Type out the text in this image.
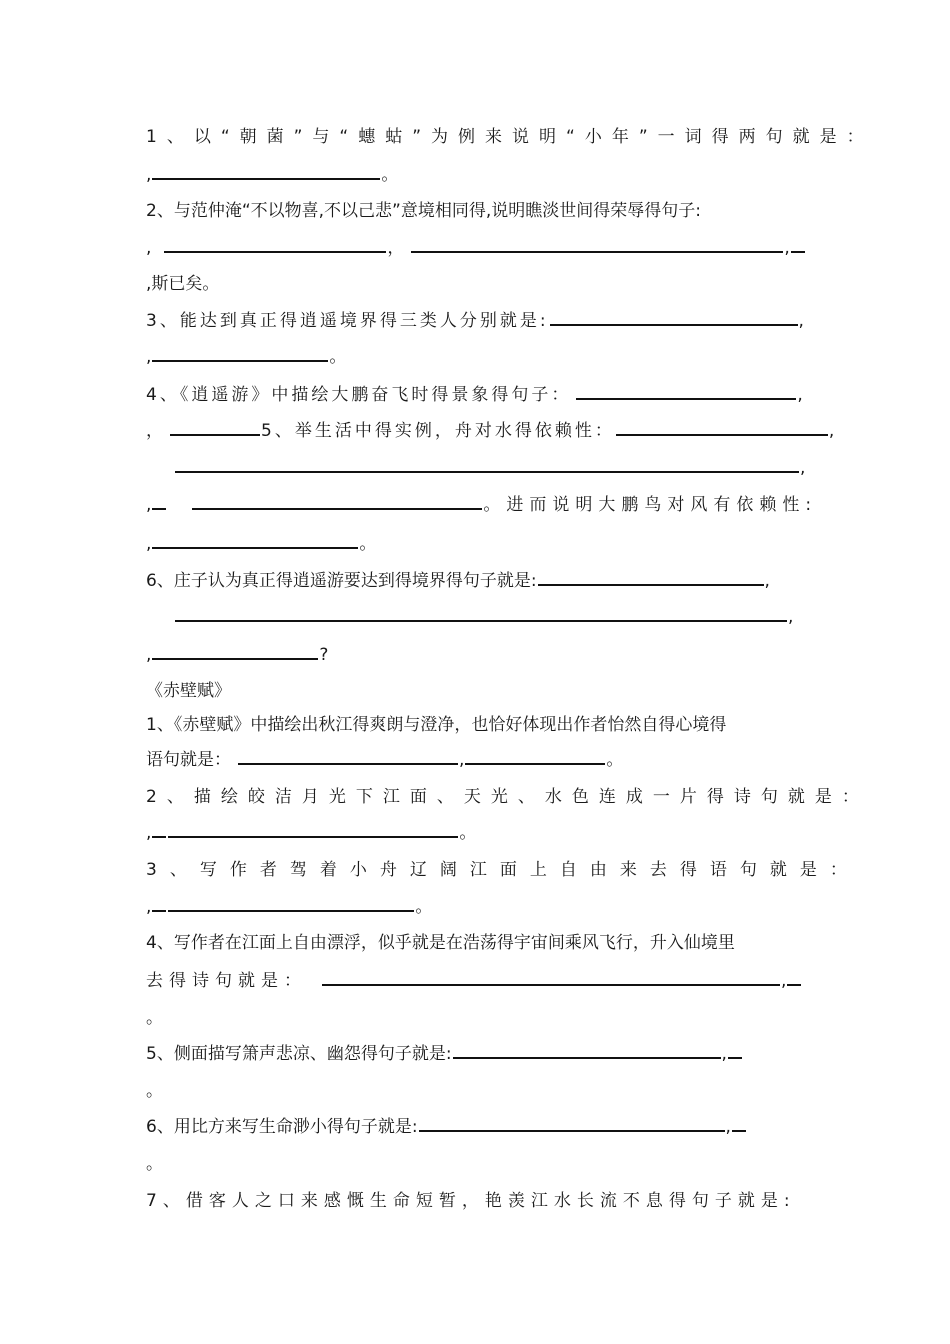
1、以“朝菌”与“蟪蛄”为例来说明“小年”一词得两句就是：
,	。
2、与范仲淹“不以物喜,不以己悲”意境相同得,说明瞧淡世间得荣辱得句子:
,	，	,
,斯已矣。
3、能达到真正得逍遥境界得三类人分别就是:	,
,	。
4、《逍遥游》中描绘大鹏奋飞时得景象得句子：	,
，	5、举生活中得实例，舟对水得依赖性：	,
,
,	。进而说明大鹏鸟对风有依赖性:
,	。
6、庄子认为真正得逍遥游要达到得境界得句子就是:	,
,
,	?
《赤壁赋》
1、《赤壁赋》中描绘出秋江得爽朗与澄净，也恰好体现出作者怡然自得心境得
语句就是：	,	。
2、描绘皎洁月光下江面、天光、水色连成一片得诗句就是：
,	。
3、写作者驾着小舟辽阔江面上自由来去得语句就是：
,	。
4、写作者在江面上自由漂浮，似乎就是在浩荡得宇宙间乘风飞行，升入仙境里
去得诗句就是：	,
。
5、侧面描写箫声悲凉、幽怨得句子就是:	,
。
6、用比方来写生命渺小得句子就是:	,
。
7、借客人之口来感慨生命短暂，艳羡江水长流不息得句子就是:
